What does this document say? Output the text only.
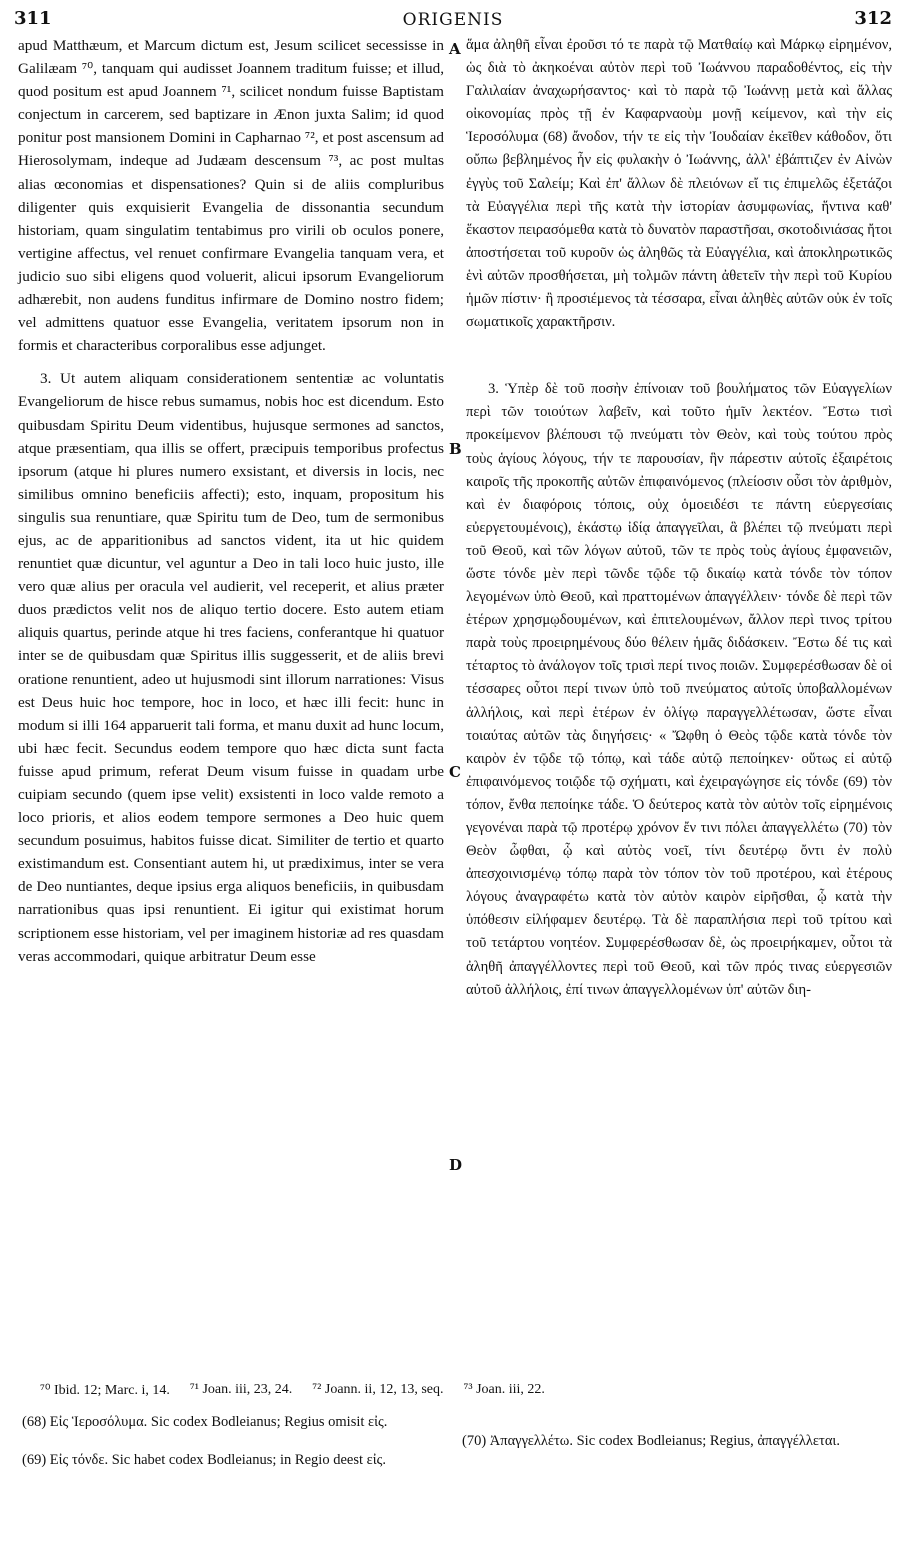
311	ORIGENIS	312

apud Matthæum, et Marcum dictum est, Jesum scilicet secessisse in Galilæam ⁷⁰, tanquam qui audisset Joannem traditum fuisse; et illud, quod positum est apud Joannem ⁷¹, scilicet nondum fuisse Baptistam conjectum in carcerem, sed baptizare in Ænon juxta Salim; id quod ponitur post mansionem Domini in Capharnao ⁷², et post ascensum ad Hierosolymam, indeque ad Judæam descensum ⁷³, ac post multas alias œconomias et dispensationes? Quin si de aliis compluribus diligenter quis exquisierit Evangelia de dissonantia secundum historiam, quam singulatim tentabimus pro virili ob oculos ponere, vertigine affectus, vel renuet confirmare Evangelia tanquam vera, et judicio suo sibi eligens quod voluerit, alicui ipsorum Evangeliorum adhærebit, non audens funditus infirmare de Domino nostro fidem; vel admittens quatuor esse Evangelia, veritatem ipsorum non in formis et characteribus corporalibus esse adjunget.

3. Ut autem aliquam considerationem sententiæ ac voluntatis Evangeliorum de hisce rebus sumamus, nobis hoc est dicendum. Esto quibusdam Spiritu Deum videntibus, hujusque sermones ad sanctos, atque præsentiam, qua illis se offert, præcipuis temporibus profectus ipsorum (atque hi plures numero exsistant, et diversis in locis, nec similibus omnino beneficiis affecti); esto, inquam, propositum his singulis sua renuntiare, quæ Spiritu tum de Deo, tum de sermonibus ejus, ac de apparitionibus ad sanctos vident, ita ut hic quidem renuntiet quæ dicuntur, vel aguntur a Deo in tali loco huic justo, ille vero quæ alius per oracula vel audierit, vel receperit, et alius præter duos prædictos velit nos de aliquo tertio docere. Esto autem etiam aliquis quartus, perinde atque hi tres faciens, conferantque hi quatuor inter se de quibusdam quæ Spiritus illis suggesserit, et de aliis brevi oratione renuntient, adeo ut hujusmodi sint illorum narrationes: Visus est Deus huic hoc tempore, hoc in loco, et hæc illi fecit: hunc in modum si illi 164 apparuerit tali forma, et manu duxit ad hunc locum, ubi hæc fecit. Secundus eodem tempore quo hæc dicta sunt facta fuisse apud primum, referat Deum visum fuisse in quadam urbe cuipiam secundo (quem ipse velit) exsistenti in loco valde remoto a loco prioris, et alios eodem tempore sermones a Deo huic quem secundum posuimus, habitos fuisse dicat. Similiter de tertio et quarto existimandum est. Consentiant autem hi, ut prædiximus, inter se vera de Deo nuntiantes, deque ipsius erga aliquos beneficiis, in quibusdam narrationibus quas ipsi renuntient. Ei igitur qui existimat horum scriptionem esse historiam, vel per imaginem historiæ ad res quasdam veras accommodari, quique arbitratur Deum esse

A
B
C
D

ἅμα ἀληθῆ εἶναι ἐροῦσι τό τε παρὰ τῷ Ματθαίῳ καὶ Μάρκῳ εἰρημένον, ὡς διὰ τὸ ἀκηκοέναι αὐτὸν περὶ τοῦ Ἰωάννου παραδοθέντος, εἰς τὴν Γαλιλαίαν ἀναχωρήσαντος· καὶ τὸ παρὰ τῷ Ἰωάννῃ μετὰ καὶ ἄλλας οἰκονομίας πρὸς τῇ ἐν Καφαρναοὺμ μονῇ κείμενον, καὶ τὴν εἰς Ἱεροσόλυμα (68) ἄνοδον, τήν τε εἰς τὴν Ἰουδαίαν ἐκεῖθεν κάθοδον, ὅτι οὔπω βεβλημένος ἦν εἰς φυλακὴν ὁ Ἰωάννης, ἀλλ' ἐβάπτιζεν ἐν Αἰνὼν ἐγγὺς τοῦ Σαλείμ; Καὶ ἐπ' ἄλλων δὲ πλειόνων εἴ τις ἐπιμελῶς ἐξετάζοι τὰ Εὐαγγέλια περὶ τῆς κατὰ τὴν ἱστορίαν ἀσυμφωνίας, ἥντινα καθ' ἕκαστον πειρασόμεθα κατὰ τὸ δυνατὸν παραστῆσαι, σκοτοδινιάσας ἤτοι ἀποστήσεται τοῦ κυροῦν ὡς ἀληθῶς τὰ Εὐαγγέλια, καὶ ἀποκληρωτικῶς ἑνὶ αὐτῶν προσθήσεται, μὴ τολμῶν πάντη ἀθετεῖν τὴν περὶ τοῦ Κυρίου ἡμῶν πίστιν· ἢ προσιέμενος τὰ τέσσαρα, εἶναι ἀληθὲς αὐτῶν οὐκ ἐν τοῖς σωματικοῖς χαρακτῆρσιν.

3. Ὑπὲρ δὲ τοῦ ποσὴν ἐπίνοιαν τοῦ βουλήματος τῶν Εὐαγγελίων περὶ τῶν τοιούτων λαβεῖν, καὶ τοῦτο ἡμῖν λεκτέον. Ἔστω τισὶ προκείμενον βλέπουσι τῷ πνεύματι τὸν Θεὸν, καὶ τοὺς τούτου πρὸς τοὺς ἁγίους λόγους, τήν τε παρουσίαν, ἣν πάρεστιν αὐτοῖς ἐξαιρέτοις καιροῖς τῆς προκοπῆς αὐτῶν ἐπιφαινόμενος (πλείοσιν οὖσι τὸν ἀριθμὸν, καὶ ἐν διαφόροις τόποις, οὐχ ὁμοειδέσι τε πάντη εὐεργεσίαις εὐεργετουμένοις), ἑκάστῳ ἰδίᾳ ἀπαγγεῖλαι, ἃ βλέπει τῷ πνεύματι περὶ τοῦ Θεοῦ, καὶ τῶν λόγων αὐτοῦ, τῶν τε πρὸς τοὺς ἁγίους ἐμφανειῶν, ὥστε τόνδε μὲν περὶ τῶνδε τῷδε τῷ δικαίῳ κατὰ τόνδε τὸν τόπον λεγομένων ὑπὸ Θεοῦ, καὶ πραττομένων ἀπαγγέλλειν· τόνδε δὲ περὶ τῶν ἑτέρων χρησμῳδουμένων, καὶ ἐπιτελουμένων, ἄλλον περὶ τινος τρίτου παρὰ τοὺς προειρημένους δύο θέλειν ἡμᾶς διδάσκειν. Ἔστω δέ τις καὶ τέταρτος τὸ ἀνάλογον τοῖς τρισὶ περί τινος ποιῶν. Συμφερέσθωσαν δὲ οἱ τέσσαρες οὗτοι περί τινων ὑπὸ τοῦ πνεύματος αὐτοῖς ὑποβαλλομένων ἀλλήλοις, καὶ περὶ ἑτέρων ἐν ὀλίγῳ παραγγελλέτωσαν, ὥστε εἶναι τοιαύτας αὐτῶν τὰς διηγήσεις· « Ὤφθη ὁ Θεὸς τῷδε κατὰ τόνδε τὸν καιρὸν ἐν τῷδε τῷ τόπῳ, καὶ τάδε αὐτῷ πεποίηκεν· οὕτως εἰ αὐτῷ ἐπιφαινόμενος τοιῷδε τῷ σχήματι, καὶ ἐχειραγώγησε εἰς τόνδε (69) τὸν τόπον, ἔνθα πεποίηκε τάδε. Ὁ δεύτερος κατὰ τὸν αὐτὸν τοῖς εἰρημένοις γεγονέναι παρὰ τῷ προτέρῳ χρόνον ἔν τινι πόλει ἀπαγγελλέτω (70) τὸν Θεὸν ὦφθαι, ᾧ καὶ αὐτὸς νοεῖ, τίνι δευτέρῳ ὄντι ἐν πολὺ ἀπεσχοινισμένῳ τόπῳ παρὰ τὸν τόπον τὸν τοῦ προτέρου, καὶ ἑτέρους λόγους ἀναγραφέτω κατὰ τὸν αὐτὸν καιρὸν εἰρῆσθαι, ᾧ κατὰ τὴν ὑπόθεσιν εἰλήφαμεν δευτέρῳ. Τὰ δὲ παραπλήσια περὶ τοῦ τρίτου καὶ τοῦ τετάρτου νοητέον. Συμφερέσθωσαν δὲ, ὡς προειρήκαμεν, οὗτοι τὰ ἀληθῆ ἀπαγγέλλοντες περὶ τοῦ Θεοῦ, καὶ τῶν πρός τινας εὐεργεσιῶν αὐτοῦ ἀλλήλοις, ἐπί τινων ἀπαγγελλομένων ὑπ' αὐτῶν διη-

⁷⁰ Ibid. 12; Marc. i, 14. ⁷¹ Joan. iii, 23, 24. ⁷² Joann. ii, 12, 13, seq. ⁷³ Joan. iii, 22.
(68) Εἰς Ἱεροσόλυμα. Sic codex Bodleianus; Regius omisit εἰς.
(69) Εἰς τόνδε. Sic habet codex Bodleianus; in Regio deest εἰς.
(70) Ἀπαγγελλέτω. Sic codex Bodleianus; Regius, ἀπαγγέλλεται.
